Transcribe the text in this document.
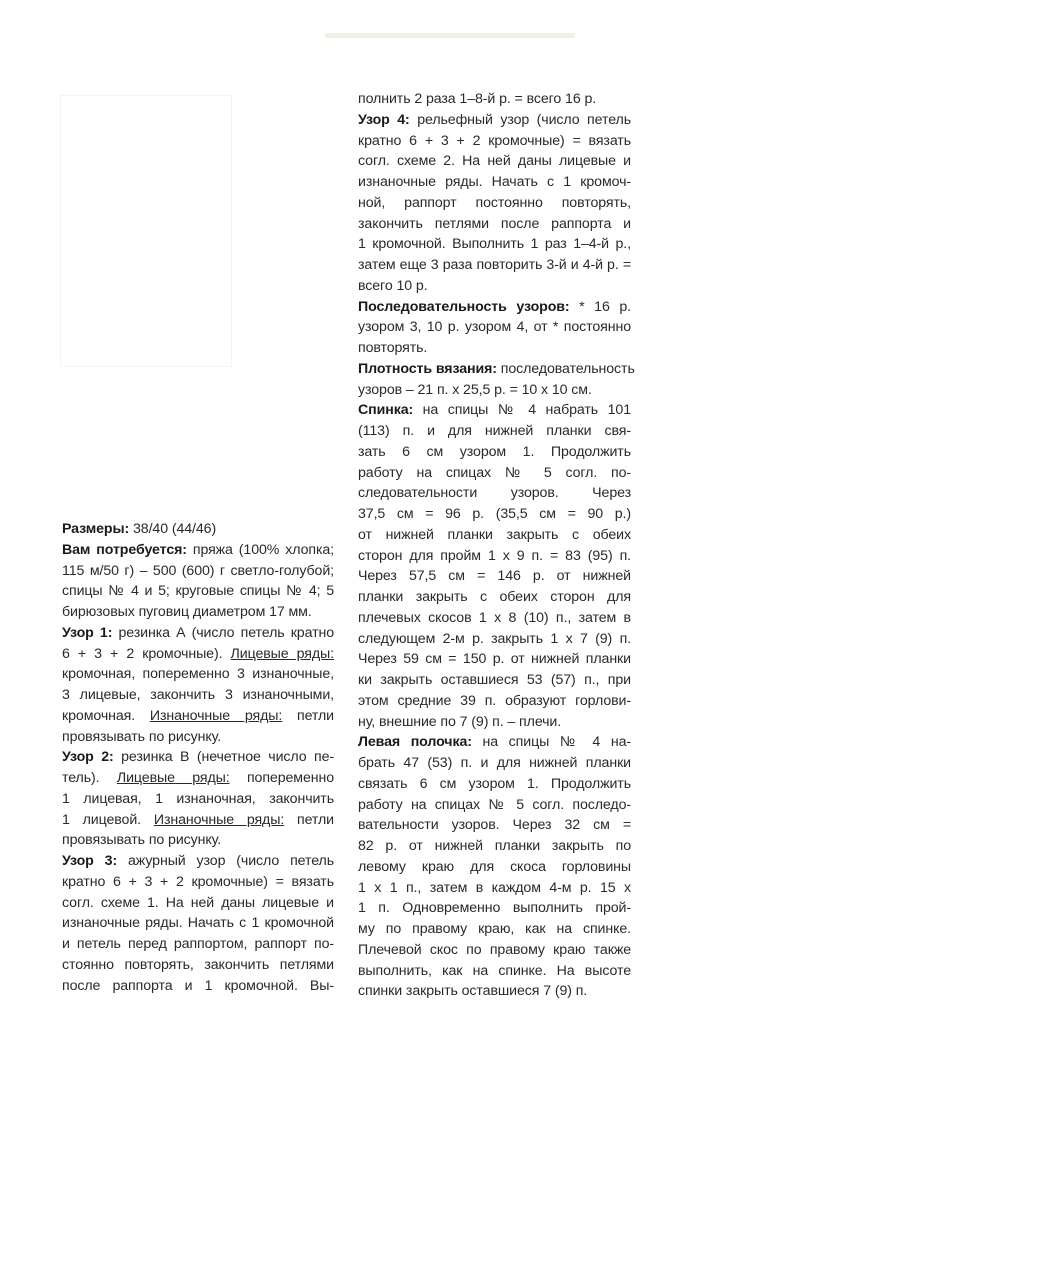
Размеры: 38/40 (44/46)

Вам потребуется: пряжа (100% хлопка;
115 м/50 г) – 500 (600) г светло-голубой;
спицы № 4 и 5; круговые спицы № 4; 5
бирюзовых пуговиц диаметром 17 мм.

Узор 1: резинка А (число петель кратно
6 + 3 + 2 кромочные). Лицевые ряды:
кромочная, попеременно 3 изнаночные,
3 лицевые, закончить 3 изнаночными,
кромочная. Изнаночные ряды: петли
провязывать по рисунку.

Узор 2: резинка В (нечетное число пе-
тель). Лицевые ряды: попеременно
1 лицевая, 1 изнаночная, закончить
1 лицевой. Изнаночные ряды: петли
провязывать по рисунку.

Узор 3: ажурный узор (число петель
кратно 6 + 3 + 2 кромочные) = вязать
согл. схеме 1. На ней даны лицевые и
изнаночные ряды. Начать с 1 кромочной
и петель перед раппортом, раппорт по-
стоянно повторять, закончить петлями
после раппорта и 1 кромочной. Вы-

полнить 2 раза 1–8-й р. = всего 16 р.

Узор 4: рельефный узор (число петель
кратно 6 + 3 + 2 кромочные) = вязать
согл. схеме 2. На ней даны лицевые и
изнаночные ряды. Начать с 1 кромоч-
ной, раппорт постоянно повторять,
закончить петлями после раппорта и
1 кромочной. Выполнить 1 раз 1–4-й р.,
затем еще 3 раза повторить 3-й и 4-й р. =
всего 10 р.

Последовательность узоров: * 16 р.
узором 3, 10 р. узором 4, от * постоянно
повторять.

Плотность вязания: последовательность
узоров – 21 п. х 25,5 р. = 10 х 10 см.

Спинка: на спицы № 4 набрать 101
(113) п. и для нижней планки свя-
зать 6 см узором 1. Продолжить
работу на спицах № 5 согл. по-
следовательности узоров. Через
37,5 см = 96 р. (35,5 см = 90 р.)
от нижней планки закрыть с обеих
сторон для пройм 1 х 9 п. = 83 (95) п.
Через 57,5 см = 146 р. от нижней
планки закрыть с обеих сторон для
плечевых скосов 1 х 8 (10) п., затем в
следующем 2-м р. закрыть 1 х 7 (9) п.
Через 59 см = 150 р. от нижней планки
ки закрыть оставшиеся 53 (57) п., при
этом средние 39 п. образуют горлови-
ну, внешние по 7 (9) п. – плечи.

Левая полочка: на спицы № 4 на-
брать 47 (53) п. и для нижней планки
связать 6 см узором 1. Продолжить
работу на спицах № 5 согл. последо-
вательности узоров. Через 32 см =
82 р. от нижней планки закрыть по
левому краю для скоса горловины
1 х 1 п., затем в каждом 4-м р. 15 х
1 п. Одновременно выполнить прой-
му по правому краю, как на спинке.
Плечевой скос по правому краю также
выполнить, как на спинке. На высоте
спинки закрыть оставшиеся 7 (9) п.
